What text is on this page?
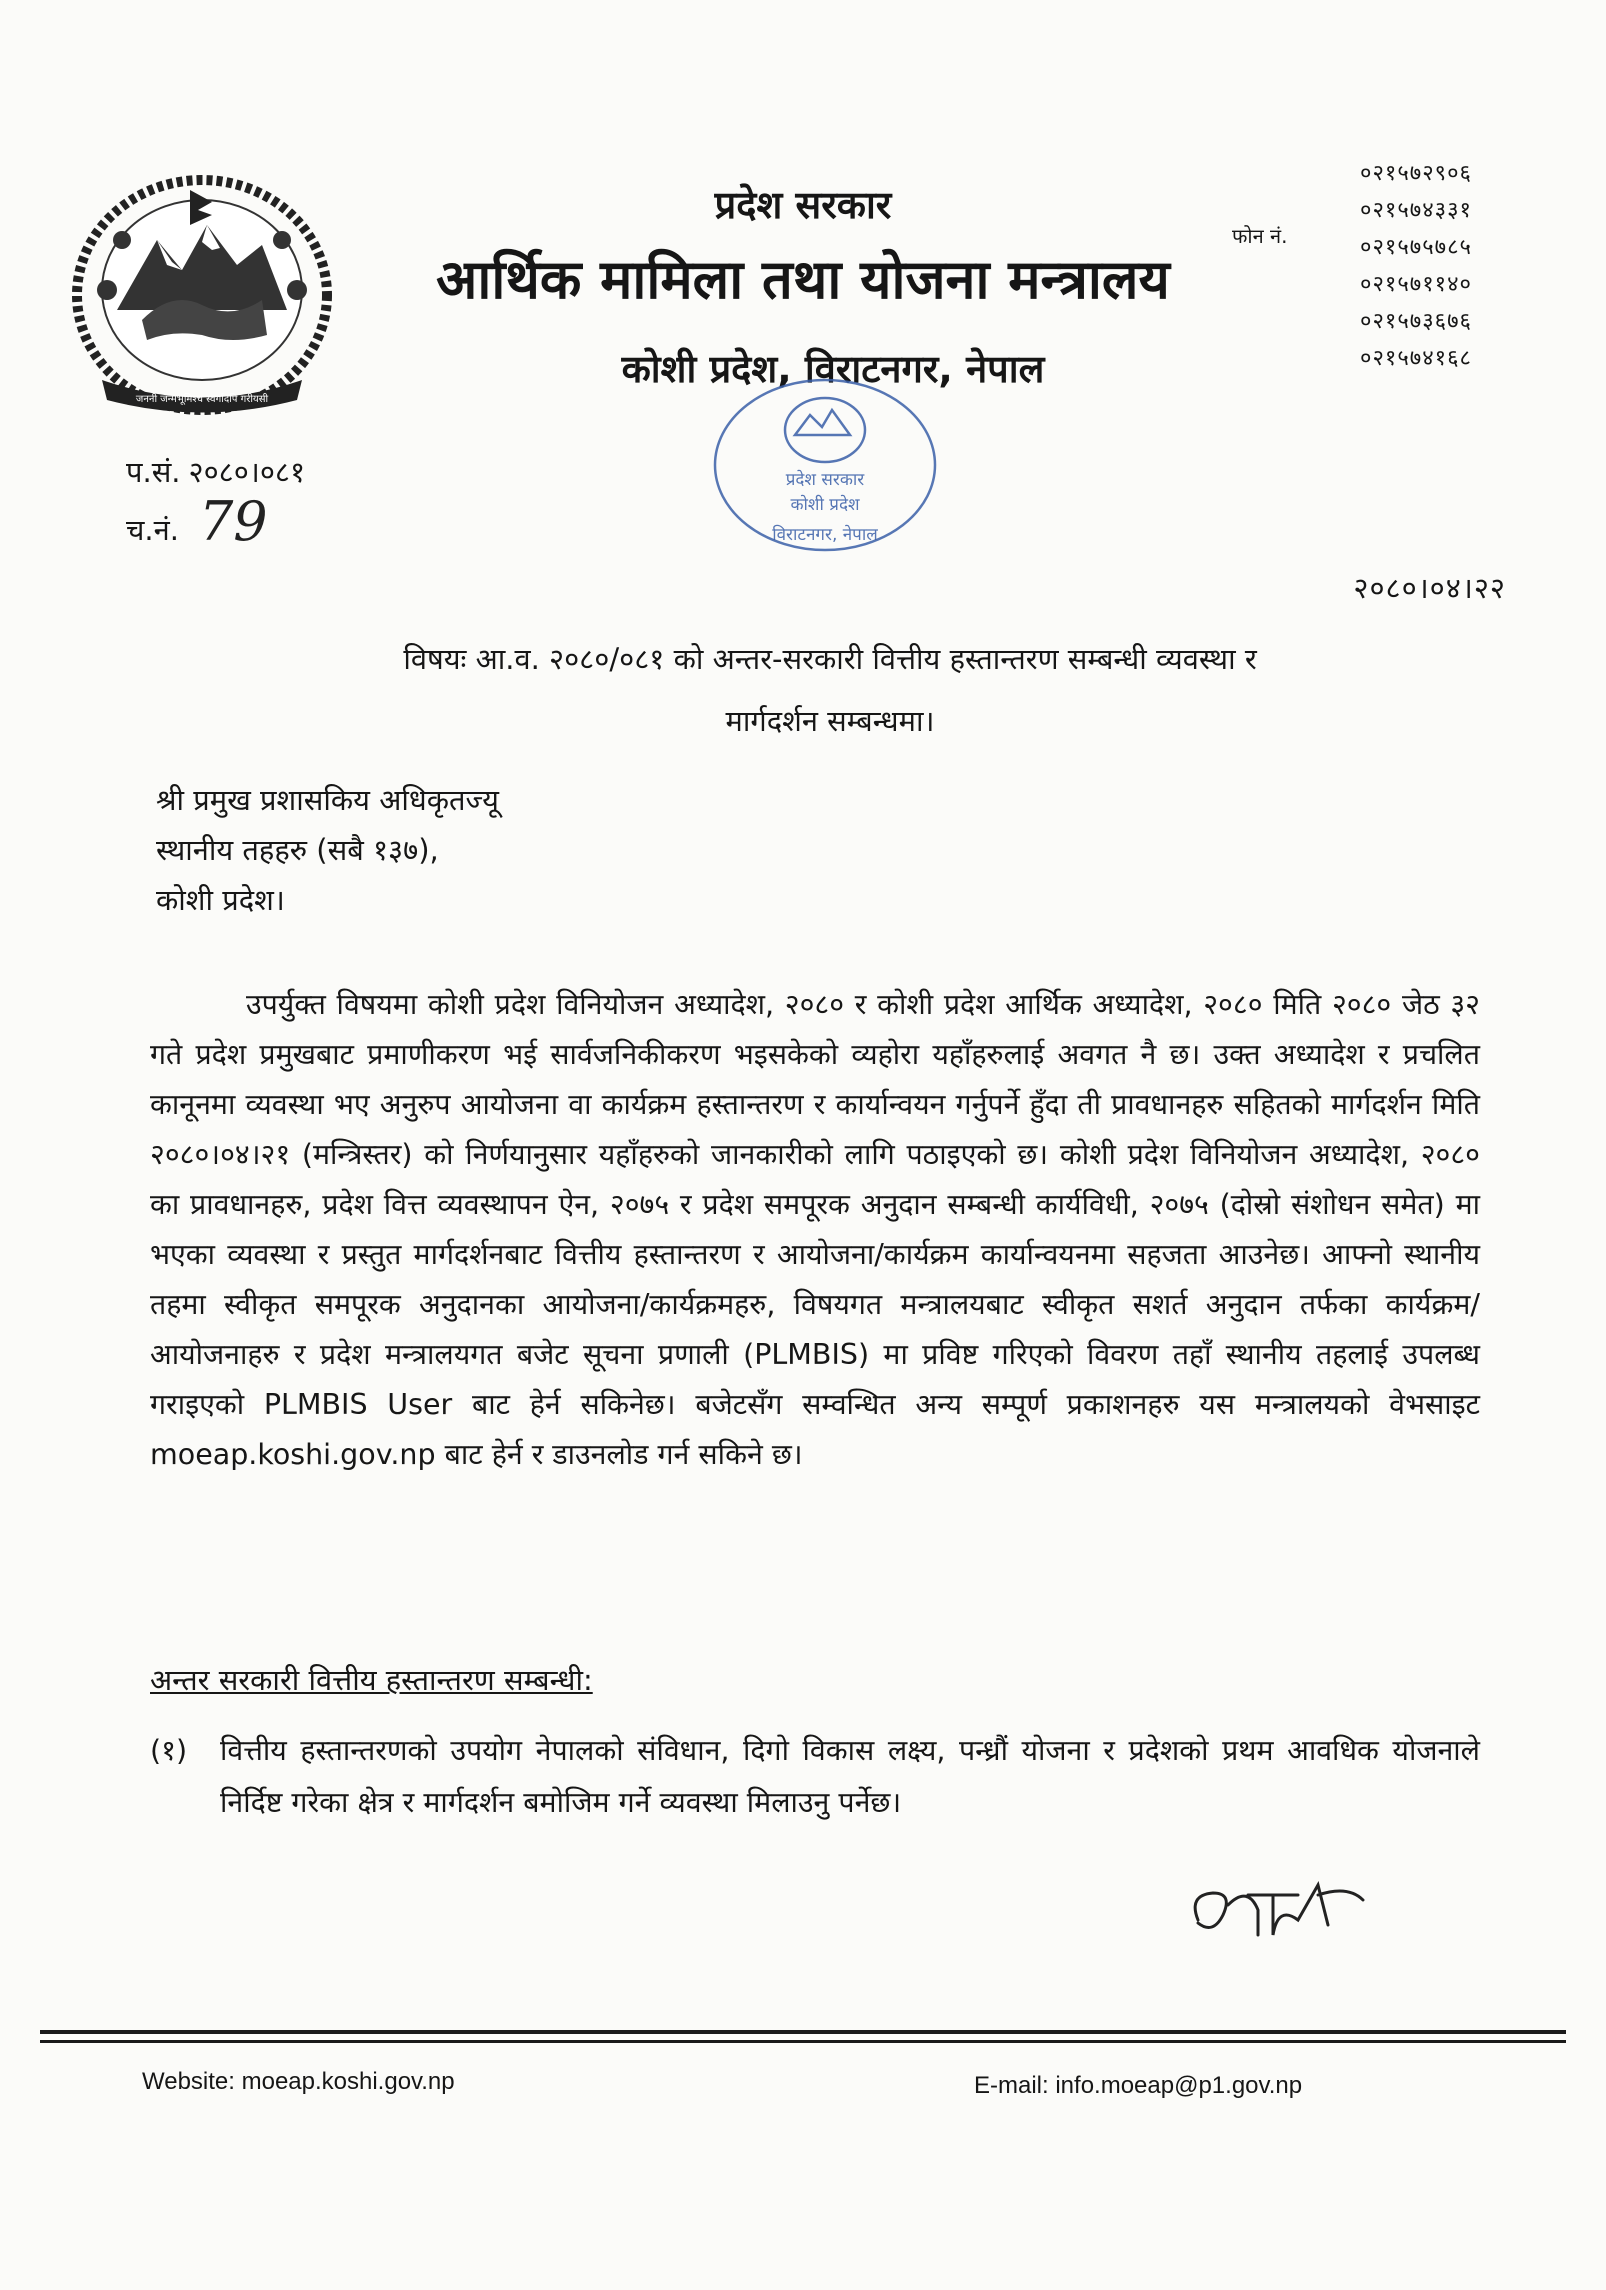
जननी जन्मभूमिश्च स्वर्गादपि गरीयसी
प्रदेश सरकार
आर्थिक मामिला तथा योजना मन्त्रालय
कोशी प्रदेश, विराटनगर, नेपाल
फोन नं.
०२१५७२९०६
०२१५७४३३१
०२१५७५७८५
०२१५७११४०
०२१५७३६७६
०२१५७४१६८
प्रदेश सरकार
कोशी प्रदेश
विराटनगर, नेपाल
प.सं. २०८०।०८१
च.नं. 79
२०८०।०४।२२
विषयः आ.व. २०८०/०८१ को अन्तर-सरकारी वित्तीय हस्तान्तरण सम्बन्धी व्यवस्था र
मार्गदर्शन सम्बन्धमा।
श्री प्रमुख प्रशासकिय अधिकृतज्यू
स्थानीय तहहरु (सबै १३७),
कोशी प्रदेश।
उपर्युक्त विषयमा कोशी प्रदेश विनियोजन अध्यादेश, २०८० र कोशी प्रदेश आर्थिक अध्यादेश, २०८० मिति २०८० जेठ ३२ गते प्रदेश प्रमुखबाट प्रमाणीकरण भई सार्वजनिकीकरण भइसकेको व्यहोरा यहाँहरुलाई अवगत नै छ। उक्त अध्यादेश र प्रचलित कानूनमा व्यवस्था भए अनुरुप आयोजना वा कार्यक्रम हस्तान्तरण र कार्यान्वयन गर्नुपर्ने हुँदा ती प्रावधानहरु सहितको मार्गदर्शन मिति २०८०।०४।२१ (मन्त्रिस्तर) को निर्णयानुसार यहाँहरुको जानकारीको लागि पठाइएको छ। कोशी प्रदेश विनियोजन अध्यादेश, २०८० का प्रावधानहरु, प्रदेश वित्त व्यवस्थापन ऐन, २०७५ र प्रदेश समपूरक अनुदान सम्बन्धी कार्यविधी, २०७५ (दोस्रो संशोधन समेत) मा भएका व्यवस्था र प्रस्तुत मार्गदर्शनबाट वित्तीय हस्तान्तरण र आयोजना/कार्यक्रम कार्यान्वयनमा सहजता आउनेछ। आफ्नो स्थानीय तहमा स्वीकृत समपूरक अनुदानका आयोजना/कार्यक्रमहरु, विषयगत मन्त्रालयबाट स्वीकृत सशर्त अनुदान तर्फका कार्यक्रम/आयोजनाहरु र प्रदेश मन्त्रालयगत बजेट सूचना प्रणाली (PLMBIS) मा प्रविष्ट गरिएको विवरण तहाँ स्थानीय तहलाई उपलब्ध गराइएको PLMBIS User बाट हेर्न सकिनेछ। बजेटसँग सम्वन्धित अन्य सम्पूर्ण प्रकाशनहरु यस मन्त्रालयको वेभसाइट moeap.koshi.gov.np बाट हेर्न र डाउनलोड गर्न सकिने छ।
अन्तर सरकारी वित्तीय हस्तान्तरण सम्बन्धी:
(१)	वित्तीय हस्तान्तरणको उपयोग नेपालको संविधान, दिगो विकास लक्ष्य, पन्ध्रौं योजना र प्रदेशको प्रथम आवधिक योजनाले निर्दिष्ट गरेका क्षेत्र र मार्गदर्शन बमोजिम गर्ने व्यवस्था मिलाउनु पर्नेछ।
Website: moeap.koshi.gov.np	E-mail: info.moeap@p1.gov.np
